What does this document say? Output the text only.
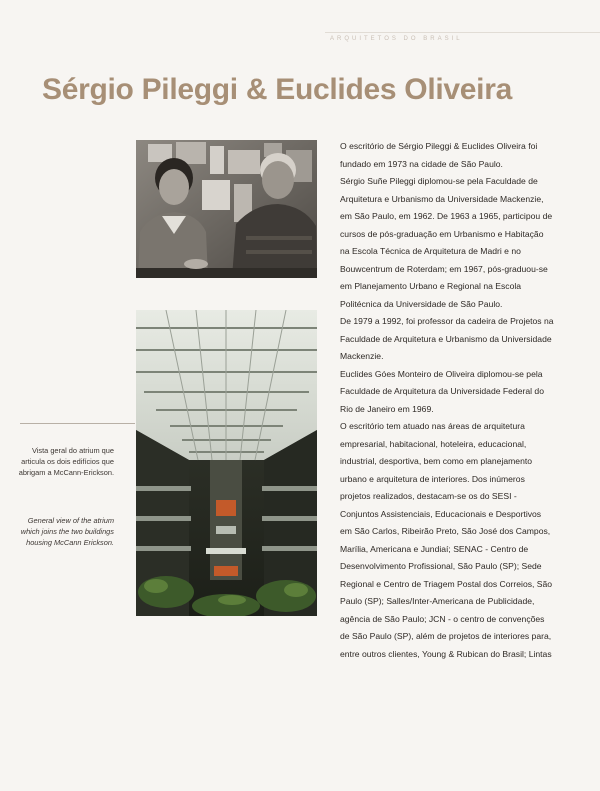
ARQUITETOS DO BRASIL
Sérgio Pileggi & Euclides Oliveira
Vista geral do atrium que articula os dois edifícios que abrigam a McCann-Erickson.
General view of the atrium which joins the two buildings housing McCann Erickson.

O escritório de Sérgio Pileggi & Euclides Oliveira foi fundado em 1973 na cidade de São Paulo.

Sérgio Suñe Pileggi diplomou-se pela Faculdade de Arquitetura e Urbanismo da Universidade Mackenzie, em São Paulo, em 1962. De 1963 a 1965, participou de cursos de pós-graduação em Urbanismo e Habitação na Escola Técnica de Arquitetura de Madri e no Bouwcentrum de Roterdam; em 1967, pós-graduou-se em Planejamento Urbano e Regional na Escola Politécnica da Universidade de São Paulo.

De 1979 a 1992, foi professor da cadeira de Projetos na Faculdade de Arquitetura e Urbanismo da Universidade Mackenzie.

Euclides Góes Monteiro de Oliveira diplomou-se pela Faculdade de Arquitetura da Universidade Federal do Rio de Janeiro em 1969.

O escritório tem atuado nas áreas de arquitetura empresarial, habitacional, hoteleira, educacional, industrial, desportiva, bem como em planejamento urbano e arquitetura de interiores. Dos inúmeros projetos realizados, destacam-se os do SESI - Conjuntos Assistenciais, Educacionais e Desportivos em São Carlos, Ribeirão Preto, São José dos Campos, Marília, Americana e Jundiaí; SENAC - Centro de Desenvolvimento Profissional, São Paulo (SP); Sede Regional e Centro de Triagem Postal dos Correios, São Paulo (SP); Salles/Inter-Americana de Publicidade, agência de São Paulo; JCN - o centro de convenções de São Paulo (SP), além de projetos de interiores para, entre outros clientes, Young & Rubican do Brasil; Lintas
